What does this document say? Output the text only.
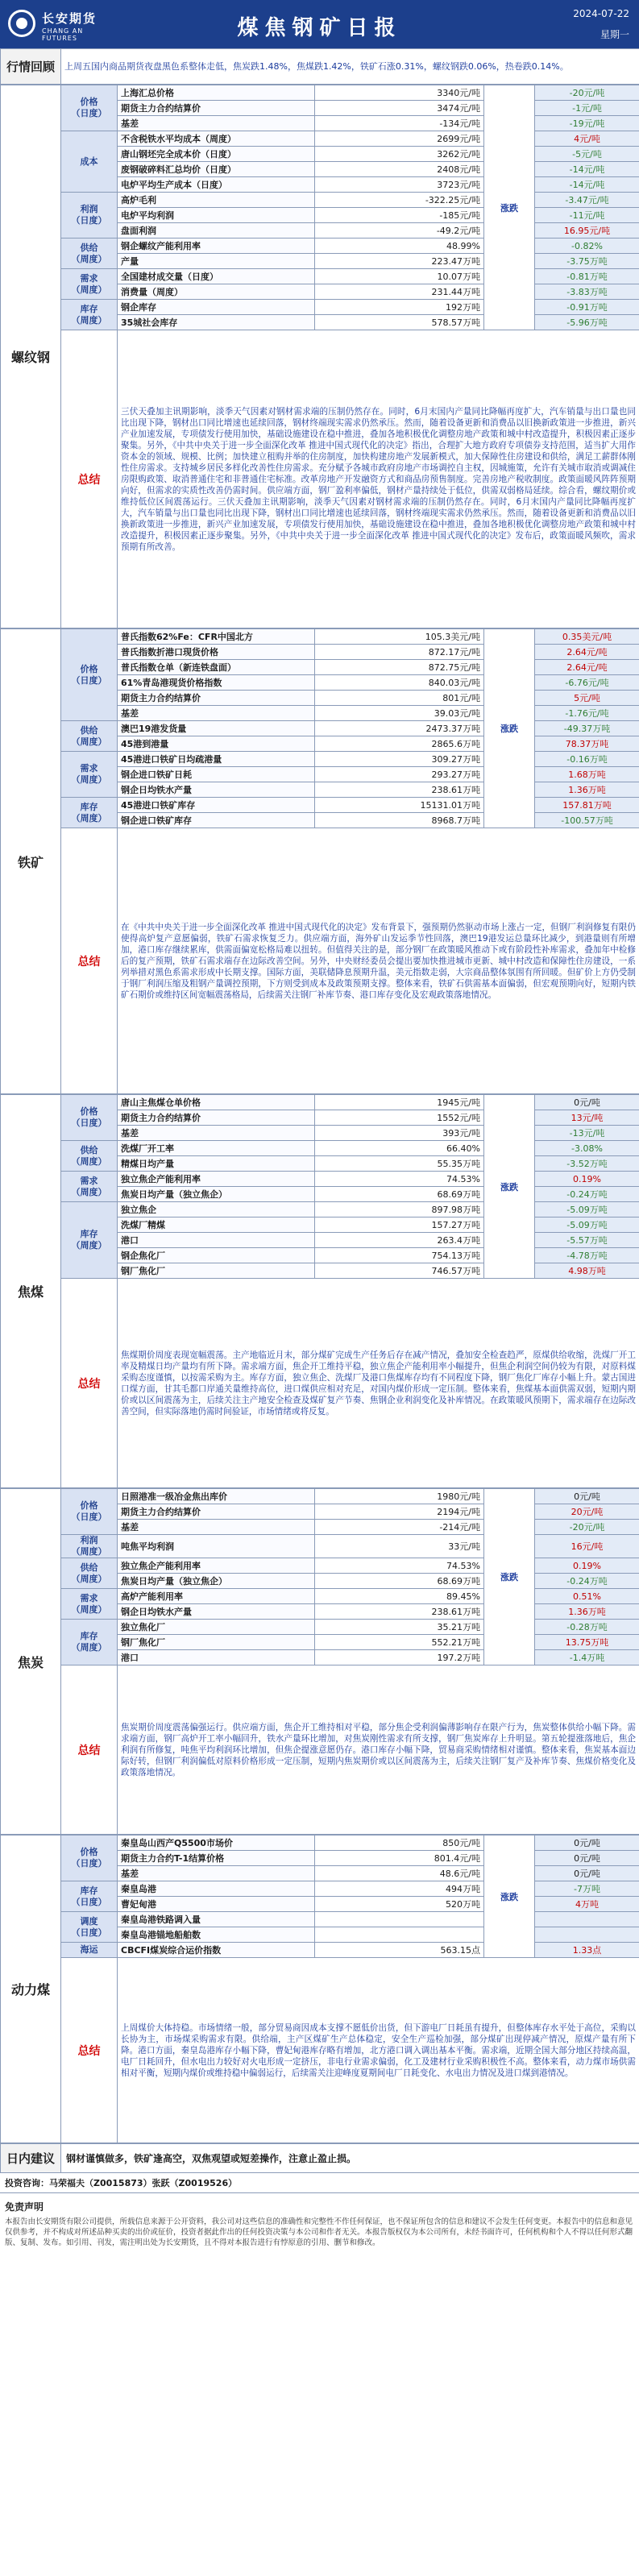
长安期货
CHANG AN FUTURES	煤焦钢矿日报
2024-07-22
星期一
行情回顾	上周五国内商品期货夜盘黑色系整体走低，焦炭跌1.48%，焦煤跌1.42%，铁矿石涨0.31%，螺纹钢跌0.06%，热卷跌0.14%。
螺纹钢	价格
（日度）	上海汇总价格	3340元/吨	涨跌	-20元/吨
		期货主力合约结算价	3474元/吨		-1元/吨
		基差	-134元/吨		-19元/吨
	成本	不含税铁水平均成本（周度）	2699元/吨		4元/吨
		唐山钢坯完全成本价（日度）	3262元/吨		-5元/吨
		废钢破碎料汇总均价（日度）	2408元/吨		-14元/吨
		电炉平均生产成本（日度）	3723元/吨		-14元/吨
	利润
（日度）	高炉毛利	-322.25元/吨		-3.47元/吨
		电炉平均利润	-185元/吨		-11元/吨
		盘面利润	-49.2元/吨		16.95元/吨
	供给
（周度）	钢企螺纹产能利用率	48.99%		-0.82%
		产量	223.47万吨		-3.75万吨
	需求
（周度）	全国建材成交量（日度）	10.07万吨		-0.81万吨
		消费量（周度）	231.44万吨		-3.83万吨
	库存
（周度）	钢企库存	192万吨		-0.91万吨
		35城社会库存	578.57万吨		-5.96万吨
	总结	三伏天叠加主讯期影响，淡季天气因素对钢材需求端的压制仍然存在。同时，6月末国内产量同比降幅再度扩大，汽车销量与出口量也同比出现下降，钢材出口同比增速也延续回落，钢材终端现实需求仍然承压。然而，随着设备更新和消费品以旧换新政策进一步推进，新兴产业加速发展，专项债发行使用加快，基础设施建设在稳中推进，叠加各地积极优化调整房地产政策和城中村改造提升，积极因素正逐步聚集。另外，《中共中央关于进一步全面深化改革 推进中国式现代化的决定》指出，合理扩大地方政府专项债券支持范围，适当扩大用作资本金的领域、规模、比例；加快建立租购并举的住房制度，加快构建房地产发展新模式，加大保障性住房建设和供给，满足工薪群体刚性住房需求。支持城乡居民多样化改善性住房需求。充分赋予各城市政府房地产市场调控自主权，因城施策，允许有关城市取消或调减住房限购政策、取消普通住宅和非普通住宅标准。改革房地产开发融资方式和商品房预售制度。完善房地产税收制度。政策面暖风阵阵预期向好，但需求的实质性改善仍需时间。供应端方面，钢厂盈利率偏低，钢材产量持续处于低位，供需双弱格局延续。综合看，螺纹期价或维持低位区间震荡运行。三伏天叠加主讯期影响，淡季天气因素对钢材需求端的压制仍然存在。同时，6月末国内产量同比降幅再度扩大，汽车销量与出口量也同比出现下降，钢材出口同比增速也延续回落，钢材终端现实需求仍然承压。然而，随着设备更新和消费品以旧换新政策进一步推进，新兴产业加速发展，专项债发行使用加快，基础设施建设在稳中推进，叠加各地积极优化调整房地产政策和城中村改造提升，积极因素正逐步聚集。另外，《中共中央关于进一步全面深化改革 推进中国式现代化的决定》发布后，政策面暖风频吹，需求预期有所改善。			
铁矿	价格
（日度）	普氏指数62%Fe：CFR中国北方	105.3美元/吨	涨跌	0.35美元/吨
		普氏指数折港口现货价格	872.17元/吨		2.64元/吨
		普氏指数仓单（新连铁盘面）	872.75元/吨		2.64元/吨
		61%青岛港现货价格指数	840.03元/吨		-6.76元/吨
		期货主力合约结算价	801元/吨		5元/吨
		基差	39.03元/吨		-1.76元/吨
	供给
（周度）	澳巴19港发货量	2473.37万吨		-49.37万吨
		45港到港量	2865.6万吨		78.37万吨
	需求
（周度）	45港进口铁矿日均疏港量	309.27万吨		-0.16万吨
		钢企进口铁矿日耗	293.27万吨		1.68万吨
		钢企日均铁水产量	238.61万吨		1.36万吨
	库存
（周度）	45港进口铁矿库存	15131.01万吨		157.81万吨
		钢企进口铁矿库存	8968.7万吨		-100.57万吨
	总结	在《中共中央关于进一步全面深化改革 推进中国式现代化的决定》发布背景下，强预期仍然驱动市场上涨占一定，但钢厂利润修复有限仍使得高炉复产意愿偏弱，铁矿石需求恢复乏力。供应端方面，海外矿山发运季节性回落，澳巴19港发运总量环比减少，到港量则有所增加，港口库存继续累库，供需面偏宽松格局难以扭转。但值得关注的是，部分钢厂在政策暖风推动下或有阶段性补库需求，叠加年中检修后的复产预期，铁矿石需求端存在边际改善空间。另外，中央财经委员会提出要加快推进城市更新、城中村改造和保障性住房建设，一系列举措对黑色系需求形成中长期支撑。国际方面，美联储降息预期升温，美元指数走弱，大宗商品整体氛围有所回暖。但矿价上方仍受制于钢厂利润压缩及粗钢产量调控预期，下方则受到成本及政策预期支撑。整体来看，铁矿石供需基本面偏弱，但宏观预期向好，短期内铁矿石期价或维持区间宽幅震荡格局，后续需关注钢厂补库节奏、港口库存变化及宏观政策落地情况。			
焦煤	价格
（日度）	唐山主焦煤仓单价格	1945元/吨	涨跌	0元/吨
		期货主力合约结算价	1552元/吨		13元/吨
		基差	393元/吨		-13元/吨
	供给
（周度）	洗煤厂开工率	66.40%		-3.08%
		精煤日均产量	55.35万吨		-3.52万吨
	需求
（周度）	独立焦企产能利用率	74.53%		0.19%
		焦炭日均产量（独立焦企）	68.69万吨		-0.24万吨
	库存
（周度）	独立焦企	897.98万吨		-5.09万吨
		洗煤厂精煤	157.27万吨		-5.09万吨
		港口	263.4万吨		-5.57万吨
		钢企焦化厂	754.13万吨		-4.78万吨
		钢厂焦化厂	746.57万吨		4.98万吨
	总结	焦煤期价周度表现宽幅震荡。主产地临近月末，部分煤矿完成生产任务后存在减产情况，叠加安全检查趋严，原煤供给收缩，洗煤厂开工率及精煤日均产量均有所下降。需求端方面，焦企开工维持平稳，独立焦企产能利用率小幅提升，但焦企利润空间仍较为有限，对原料煤采购态度谨慎，以按需采购为主。库存方面，独立焦企、洗煤厂及港口焦煤库存均有不同程度下降，钢厂焦化厂库存小幅上升。蒙古国进口煤方面，甘其毛都口岸通关量维持高位，进口煤供应相对充足，对国内煤价形成一定压制。整体来看，焦煤基本面供需双弱，短期内期价或以区间震荡为主，后续关注主产地安全检查及煤矿复产节奏、焦钢企业利润变化及补库情况。在政策暖风预期下，需求端存在边际改善空间，但实际落地仍需时间验证，市场情绪或将反复。			
焦炭	价格
（日度）	日照港准一级冶金焦出库价	1980元/吨	涨跌	0元/吨
		期货主力合约结算价	2194元/吨		20元/吨
		基差	-214元/吨		-20元/吨
	利润
（周度）	吨焦平均利润	33元/吨		16元/吨
	供给
（周度）	独立焦企产能利用率	74.53%		0.19%
		焦炭日均产量（独立焦企）	68.69万吨		-0.24万吨
	需求
（周度）	高炉产能利用率	89.45%		0.51%
		钢企日均铁水产量	238.61万吨		1.36万吨
	库存
（周度）	独立焦化厂	35.21万吨		-0.28万吨
		钢厂焦化厂	552.21万吨		13.75万吨
		港口	197.2万吨		-1.4万吨
	总结	焦炭期价周度震荡偏强运行。供应端方面，焦企开工维持相对平稳，部分焦企受利润偏薄影响存在限产行为，焦炭整体供给小幅下降。需求端方面，钢厂高炉开工率小幅回升，铁水产量环比增加，对焦炭刚性需求有所支撑，钢厂焦炭库存上升明显。第五轮提涨落地后，焦企利润有所修复，吨焦平均利润环比增加，但焦企提涨意愿仍存。港口库存小幅下降，贸易商采购情绪相对谨慎。整体来看，焦炭基本面边际好转，但钢厂利润偏低对原料价格形成一定压制，短期内焦炭期价或以区间震荡为主，后续关注钢厂复产及补库节奏、焦煤价格变化及政策落地情况。			
动力煤	价格
（日度）	秦皇岛山西产Q5500市场价	850元/吨	涨跌	0元/吨
		期货主力合约T-1结算价格	801.4元/吨		0元/吨
		基差	48.6元/吨		0元/吨
	库存
（日度）	秦皇岛港	494万吨		-7万吨
		曹妃甸港	520万吨		4万吨
	调度
（日度）	秦皇岛港铁路调入量			
		秦皇岛港锚地船舶数			
	海运	CBCFI煤炭综合运价指数	563.15点		1.33点
	总结	上周煤价大体持稳。市场情绪一般，部分贸易商因成本支撑不愿低价出货，但下游电厂日耗虽有提升，但整体库存水平处于高位，采购以长协为主，市场煤采购需求有限。供给端，主产区煤矿生产总体稳定，安全生产巡检加强，部分煤矿出现停减产情况，原煤产量有所下降。港口方面，秦皇岛港库存小幅下降，曹妃甸港库存略有增加，北方港口调入调出基本平衡。需求端，近期全国大部分地区持续高温，电厂日耗回升，但水电出力较好对火电形成一定挤压，非电行业需求偏弱，化工及建材行业采购积极性不高。整体来看，动力煤市场供需相对平衡，短期内煤价或维持稳中偏弱运行，后续需关注迎峰度夏期间电厂日耗变化、水电出力情况及进口煤到港情况。			
日内建议	钢材谨慎做多，铁矿逢高空，双焦观望或短差操作，注意止盈止损。
投资咨询：马荣福夫（Z0015873）张跃（Z0019526）
免责声明
本报告由长安期货有限公司提供，所载信息来源于公开资料，我公司对这些信息的准确性和完整性不作任何保证，也不保证所包含的信息和建议不会发生任何变更。本报告中的信息和意见仅供参考，并不构成对所述品种买卖的出价或征价，投资者据此作出的任何投资决策与本公司和作者无关。本报告版权仅为本公司所有，未经书面许可，任何机构和个人不得以任何形式翻版、复制、发布。如引用、刊发，需注明出处为长安期货，且不得对本报告进行有悖原意的引用、删节和修改。
